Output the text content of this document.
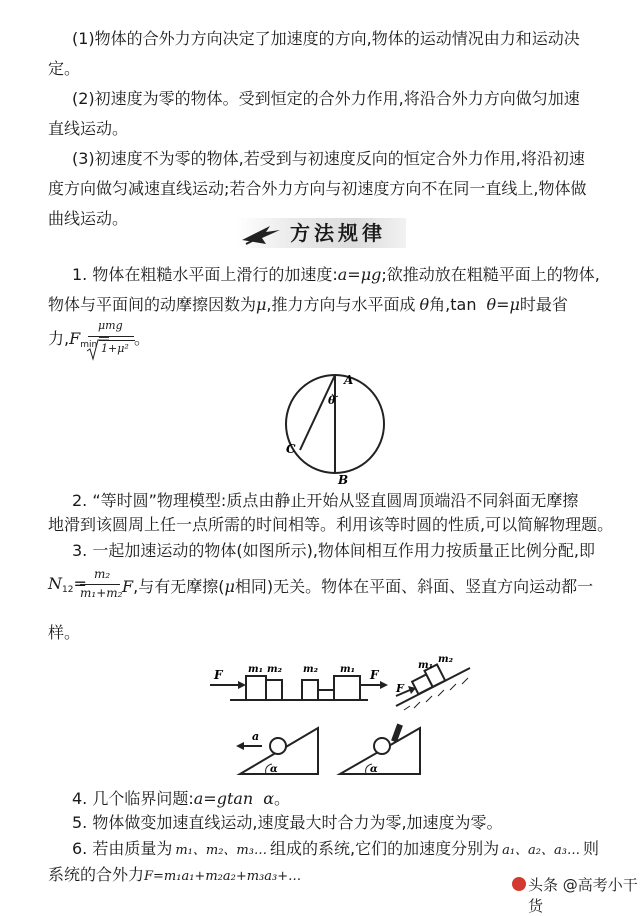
(1)物体的合外力方向决定了加速度的方向,物体的运动情况由力和运动决
定。
(2)初速度为零的物体。受到恒定的合外力作用,将沿合外力方向做匀加速
直线运动。
(3)初速度不为零的物体,若受到与初速度反向的恒定合外力作用,将沿初速
度方向做匀减速直线运动;若合外力方向与初速度方向不在同一直线上,物体做
曲线运动。
方法规律
1. 物体在粗糙水平面上滑行的加速度:a=μg;欲推动放在粗糙平面上的物体,
物体与平面间的动摩擦因数为μ,推力方向与水平面成 θ角,tan θ=μ时最省
力$,F_{min}=$
μmg
1+μ²
。
A
θ
C
B
2. “等时圆”物理模型:质点由静止开始从竖直圆周顶端沿不同斜面无摩擦
地滑到该圆周上任一点所需的时间相等。利用该等时圆的性质,可以简解物理题。
3. 一起加速运动的物体(如图所示),物体间相互作用力按质量正比例分配,即
$N_{12}= m_2$
m₁+m₂ F,与有无摩擦(μ相同)无关。物体在平面、斜面、竖直方向运动都一
样。
F	m₁ m₂ m₂ m₁ F
m₁
m₂
F
a
α	α
4. 几个临界问题:a=gtan α。
5. 物体做变加速直线运动,速度最大时合力为零,加速度为零。
6. 若由质量为 m₁、m₂、m₃… 组成的系统,它们的加速度分别为 a₁、a₂、a₃… 则
系统的合外力F=m₁a₁+m₂a₂+m₃a₃+…	头条 @高考小干货
